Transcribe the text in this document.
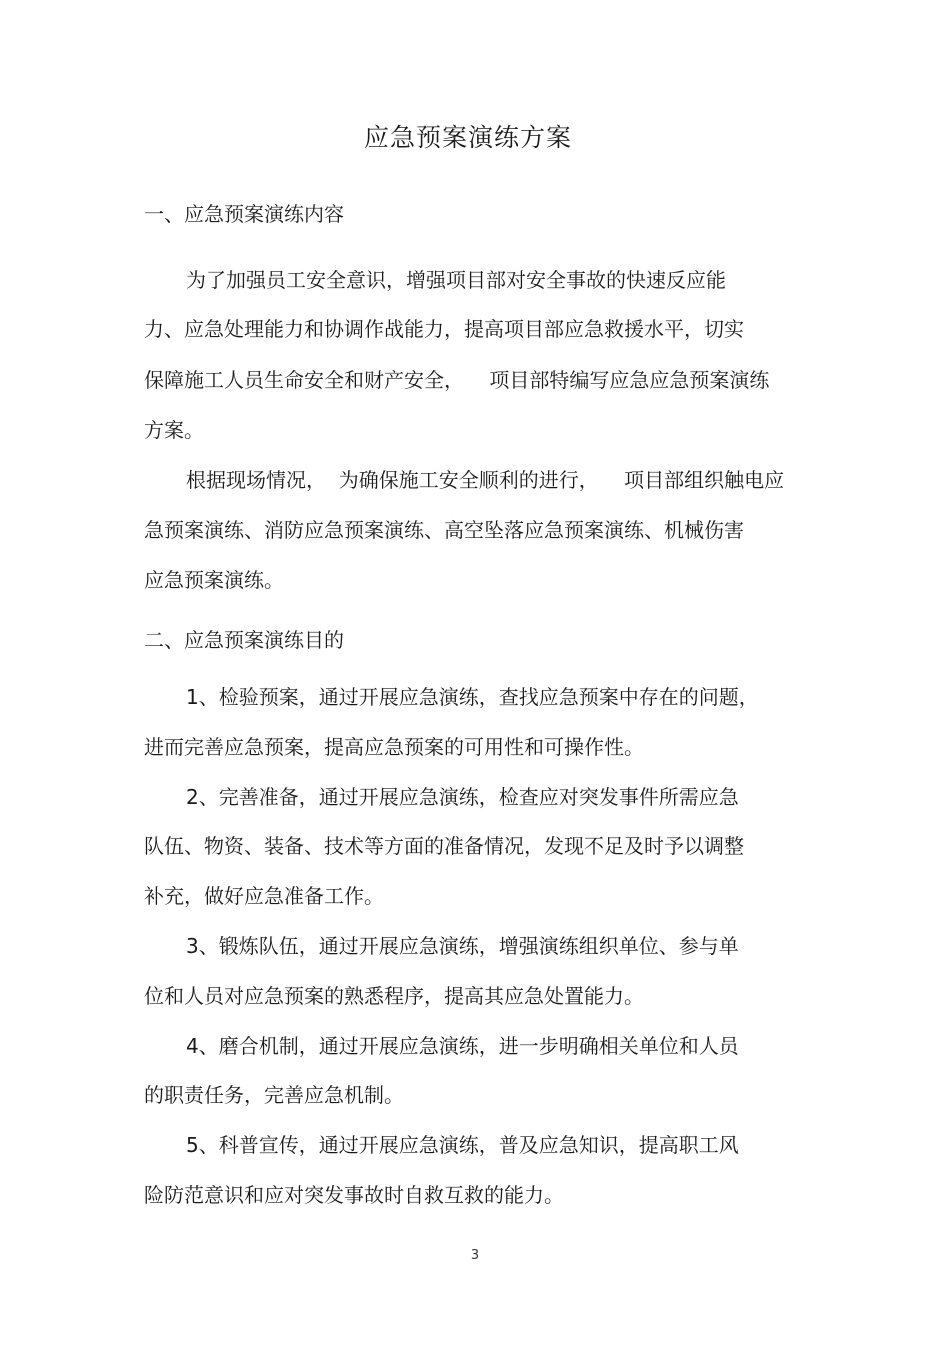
应急预案演练方案
一、应急预案演练内容
为了加强员工安全意识，增强项目部对安全事故的快速反应能
力、应急处理能力和协调作战能力，提高项目部应急救援水平，切实
保障施工人员生命安全和财产安全，    项目部特编写应急应急预案演练
方案。
根据现场情况，  为确保施工安全顺利的进行，    项目部组织触电应
急预案演练、消防应急预案演练、高空坠落应急预案演练、机械伤害
应急预案演练。
二、应急预案演练目的
1、检验预案，通过开展应急演练，查找应急预案中存在的问题，
进而完善应急预案，提高应急预案的可用性和可操作性。
2、完善准备，通过开展应急演练，检查应对突发事件所需应急
队伍、物资、装备、技术等方面的准备情况，发现不足及时予以调整
补充，做好应急准备工作。
3、锻炼队伍，通过开展应急演练，增强演练组织单位、参与单
位和人员对应急预案的熟悉程序，提高其应急处置能力。
4、磨合机制，通过开展应急演练，进一步明确相关单位和人员
的职责任务，完善应急机制。
5、科普宣传，通过开展应急演练，普及应急知识，提高职工风
险防范意识和应对突发事故时自救互救的能力。
3
